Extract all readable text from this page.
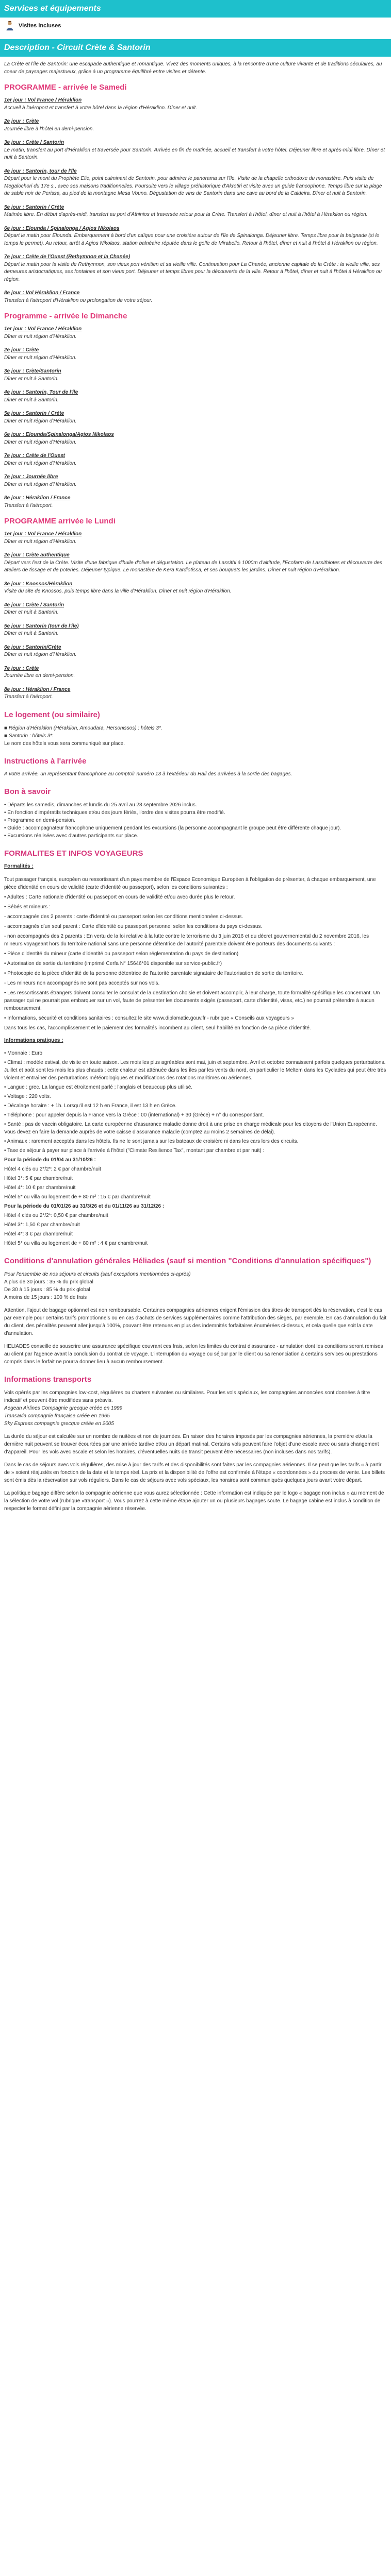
Services et équipements
Visites incluses
Description - Circuit Crète & Santorin

La Crète et l'île de Santorin: une escapade authentique et romantique. Vivez des moments uniques, à la rencontre d'une culture vivante et de traditions séculaires, au coeur de paysages majestueux, grâce à un programme équilibré entre visites et détente.

PROGRAMME - arrivée le Samedi
1er jour : Vol France / Héraklion
Accueil à l'aéroport et transfert à votre hôtel dans la région d'Héraklion. Dîner et nuit.
2e jour : Crète
Journée libre à l'hôtel en demi-pension.
3e jour : Crète / Santorin
Le matin, transfert au port d'Héraklion et traversée pour Santorin. Arrivée en fin de matinée, accueil et transfert à votre hôtel. Déjeuner libre et après-midi libre. Dîner et nuit à Santorin.
4e jour : Santorin, tour de l'île
Départ pour le mont du Prophète Elie, point culminant de Santorin, pour admirer le panorama sur l'île. Visite de la chapelle orthodoxe du monastère. Puis visite de Megalochori du 17e s., avec ses maisons traditionnelles. Poursuite vers le village préhistorique d'Akrotiri et visite avec un guide francophone. Temps libre sur la plage de sable noir de Perissa, au pied de la montagne Mesa Vouno. Dégustation de vins de Santorin dans une cave au bord de la Caldeira. Dîner et nuit à Santorin.
5e jour : Santorin / Crète
Matinée libre. En début d'après-midi, transfert au port d'Athinios et traversée retour pour la Crète. Transfert à l'hôtel, dîner et nuit à l'hôtel à Héraklion ou région.
6e jour : Elounda / Spinalonga / Agios Nikolaos
Départ le matin pour Elounda. Embarquement à bord d'un caïque pour une croisière autour de l'île de Spinalonga. Déjeuner libre. Temps libre pour la baignade (si le temps le permet). Au retour, arrêt à Agios Nikolaos, station balnéaire réputée dans le golfe de Mirabello. Retour à l'hôtel, dîner et nuit à l'hôtel à Héraklion ou région.
7e jour : Crète de l'Ouest (Rethymnon et la Chanée)
Départ le matin pour la visite de Rethymnon, son vieux port vénitien et sa vieille ville. Continuation pour La Chanée, ancienne capitale de la Crète : la vieille ville, ses demeures aristocratiques, ses fontaines et son vieux port. Déjeuner et temps libres pour la découverte de la ville. Retour à l'hôtel, dîner et nuit à l'hôtel à Héraklion ou région.
8e jour : Vol Héraklion / France
Transfert à l'aéroport d'Héraklion ou prolongation de votre séjour.
Programme - arrivée le Dimanche
1er jour : Vol France / Héraklion
Dîner et nuit région d'Héraklion.
2e jour : Crète
Dîner et nuit région d'Héraklion.
3e jour : Crète/Santorin
Dîner et nuit à Santorin.
4e jour : Santorin, Tour de l'île
Dîner et nuit à Santorin.
5e jour : Santorin / Crète
Dîner et nuit région d'Héraklion.
6e jour : Elounda/Spinalonga/Agios Nikolaos
Dîner et nuit région d'Héraklion.
7e jour : Crète de l'Ouest
Dîner et nuit région d'Héraklion.
7e jour : Journée libre
Dîner et nuit région d'Héraklion.
8e jour : Héraklion / France
Transfert à l'aéroport.
PROGRAMME arrivée le Lundi
1er jour : Vol France / Héraklion
Dîner et nuit région d'Héraklion.
2e jour : Crète authentique
Départ vers l'est de la Crète. Visite d'une fabrique d'huile d'olive et dégustation. Le plateau de Lassithi à 1000m d'altitude, l'Ecofarm de Lassithiotes et découverte des ateliers de tissage et de poteries. Déjeuner typique. Le monastère de Kera Kardiotissa, et ses bouquets les jardins. Dîner et nuit région d'Héraklion.
3e jour : Knossos/Héraklion
Visite du site de Knossos, puis temps libre dans la ville d'Héraklion. Dîner et nuit région d'Héraklion.
4e jour : Crète / Santorin
Dîner et nuit à Santorin.
5e jour : Santorin (tour de l'île)
Dîner et nuit à Santorin.
6e jour : Santorin/Crète
Dîner et nuit région d'Héraklion.
7e jour : Crète
Journée libre en demi-pension.
8e jour : Héraklion / France
Transfert à l'aéroport.
Le logement (ou similaire)

■ Région d'Héraklion (Héraklion, Amoudara, Hersonissos) : hôtels 3*.

■ Santorin : hôtels 3*.

Le nom des hôtels vous sera communiqué sur place.

Instructions à l'arrivée

A votre arrivée, un représentant francophone au comptoir numéro 13 à l'extérieur du Hall des arrivées à la sortie des bagages.

Bon à savoir

• Départs les samedis, dimanches et lundis du 25 avril au 28 septembre 2026 inclus.

• En fonction d'impératifs techniques et/ou des jours fériés, l'ordre des visites pourra être modifié.

• Programme en demi-pension.

• Guide : accompagnateur francophone uniquement pendant les excursions (la personne accompagnant le groupe peut être différente chaque jour).

• Excursions réalisées avec d'autres participants sur place.

FORMALITES ET INFOS VOYAGEURS

Formalités :

Tout passager français, européen ou ressortissant d'un pays membre de l'Espace Economique Européen à l'obligation de présenter, à chaque embarquement, une pièce d'identité en cours de validité (carte d'identité ou passeport), selon les conditions suivantes :

• Adultes : Carte nationale d'identité ou passeport en cours de validité et/ou avec durée plus le retour.

• Bébés et mineurs :

- accompagnés des 2 parents : carte d'identité ou passeport selon les conditions mentionnées ci-dessus.

- accompagnés d'un seul parent : Carte d'identité ou passeport personnel selon les conditions du pays ci-dessus.

- non accompagnés des 2 parents : En vertu de la loi relative à la lutte contre le terrorisme du 3 juin 2016 et du décret gouvernemental du 2 novembre 2016, les mineurs voyageant hors du territoire national sans une personne détentrice de l'autorité parentale doivent être porteurs des documents suivants :

• Pièce d'identité du mineur (carte d'identité ou passeport selon réglementation du pays de destination)

• Autorisation de sortie du territoire (imprimé Cerfa N° 15646*01 disponible sur service-public.fr)

• Photocopie de la pièce d'identité de la personne détentrice de l'autorité parentale signataire de l'autorisation de sortie du territoire.

- Les mineurs non accompagnés ne sont pas acceptés sur nos vols.

• Les ressortissants étrangers doivent consulter le consulat de la destination choisie et doivent accomplir, à leur charge, toute formalité spécifique les concernant. Un passager qui ne pourrait pas embarquer sur un vol, faute de présenter les documents exigés (passeport, carte d'identité, visas, etc.) ne pourrait prétendre à aucun remboursement.

• Informations, sécurité et conditions sanitaires : consultez le site www.diplomatie.gouv.fr - rubrique « Conseils aux voyageurs »

Dans tous les cas, l'accomplissement et le paiement des formalités incombent au client, seul habilité en fonction de sa pièce d'identité.

Informations pratiques :

• Monnaie : Euro

• Climat : modèle estival, de visite en toute saison. Les mois les plus agréables sont mai, juin et septembre. Avril et octobre connaissent parfois quelques perturbations. Juillet et août sont les mois les plus chauds ; cette chaleur est atténuée dans les îles par les vents du nord, en particulier le Meltem dans les Cyclades qui peut être très violent et entraîner des perturbations météorologiques et modifications des rotations maritimes ou aériennes.

• Langue : grec. La langue est étroitement parlé ; l'anglais et beaucoup plus utilisé.

• Voltage : 220 volts.

• Décalage horaire : + 1h. Lorsqu'il est 12 h en France, il est 13 h en Grèce.

• Téléphone : pour appeler depuis la France vers la Grèce : 00 (international) + 30 (Grèce) + n° du correspondant.

• Santé : pas de vaccin obligatoire. La carte européenne d'assurance maladie donne droit à une prise en charge médicale pour les citoyens de l'Union Européenne. Vous devez en faire la demande auprès de votre caisse d'assurance maladie (comptez au moins 2 semaines de délai).

• Animaux : rarement acceptés dans les hôtels. Ils ne le sont jamais sur les bateaux de croisière ni dans les cars lors des circuits.

• Taxe de séjour à payer sur place à l'arrivée à l'hôtel ("Climate Resilience Tax", montant par chambre et par nuit) :

Pour la période du 01/04 au 31/10/26 :

Hôtel 4 clés ou 2*/2*: 2 € par chambre/nuit

Hôtel 3*: 5 € par chambre/nuit

Hôtel 4*: 10 € par chambre/nuit

Hôtel 5* ou villa ou logement de + 80 m² : 15 € par chambre/nuit

Pour la période du 01/01/26 au 31/3/26 et du 01/11/26 au 31/12/26 :

Hôtel 4 clés ou 2*/2*: 0,50 € par chambre/nuit

Hôtel 3*: 1,50 € par chambre/nuit

Hôtel 4*: 3 € par chambre/nuit

Hôtel 5* ou villa ou logement de + 80 m² : 4 € par chambre/nuit

Conditions d'annulation générales Héliades (sauf si mention "Conditions d'annulation spécifiques")

Pour l'ensemble de nos séjours et circuits (sauf exceptions mentionnées ci-après)

A plus de 30 jours : 35 % du prix global

De 30 à 15 jours : 85 % du prix global

A moins de 15 jours : 100 % de frais

Attention, l'ajout de bagage optionnel est non remboursable. Certaines compagnies aériennes exigent l'émission des titres de transport dès la réservation, c'est le cas par exemple pour certains tarifs promotionnels ou en cas d'achats de services supplémentaires comme l'attribution des sièges, par exemple. En cas d'annulation du fait du client, des pénalités peuvent aller jusqu'à 100%, pouvant être retenues en plus des indemnités forfaitaires énumérées ci-dessus, et cela quelle que soit la date d'annulation.

HELIADES conseille de souscrire une assurance spécifique couvrant ces frais, selon les limites du contrat d'assurance - annulation dont les conditions seront remises au client par l'agence avant la conclusion du contrat de voyage. L'interruption du voyage ou séjour par le client ou sa renonciation à certains services ou prestations compris dans le forfait ne pourra donner lieu à aucun remboursement.

Informations transports

Vols opérés par les compagnies low-cost, régulières ou charters suivantes ou similaires. Pour les vols spéciaux, les compagnies annoncées sont données à titre indicatif et peuvent être modifiées sans préavis.

Aegean Airlines Compagnie grecque créée en 1999

Transavia compagnie française créée en 1965

Sky Express compagnie grecque créée en 2005

La durée du séjour est calculée sur un nombre de nuitées et non de journées. En raison des horaires imposés par les compagnies aériennes, la première et/ou la dernière nuit peuvent se trouver écourtées par une arrivée tardive et/ou un départ matinal. Certains vols peuvent faire l'objet d'une escale avec ou sans changement d'appareil. Pour les vols avec escale et selon les horaires, d'éventuelles nuits de transit peuvent être nécessaires (non incluses dans nos tarifs).

Dans le cas de séjours avec vols régulières, des mise à jour des tarifs et des disponibilités sont faites par les compagnies aériennes. Il se peut que les tarifs « à partir de » soient réajustés en fonction de la date et le temps réel. La prix et la disponibilité de l'offre est confirmée à l'étape « coordonnées » du process de vente. Les billets sont émis dès la réservation sur vols réguliers. Dans le cas de séjours avec vols spéciaux, les horaires sont communiqués quelques jours avant votre départ.

La politique bagage diffère selon la compagnie aérienne que vous aurez sélectionnée : Cette information est indiquée par le logo « bagage non inclus » au moment de la sélection de votre vol (rubrique «transport »). Vous pourrez à cette même étape ajouter un ou plusieurs bagages soute. Le bagage cabine est inclus à condition de respecter le format défini par la compagnie aérienne réservée.
